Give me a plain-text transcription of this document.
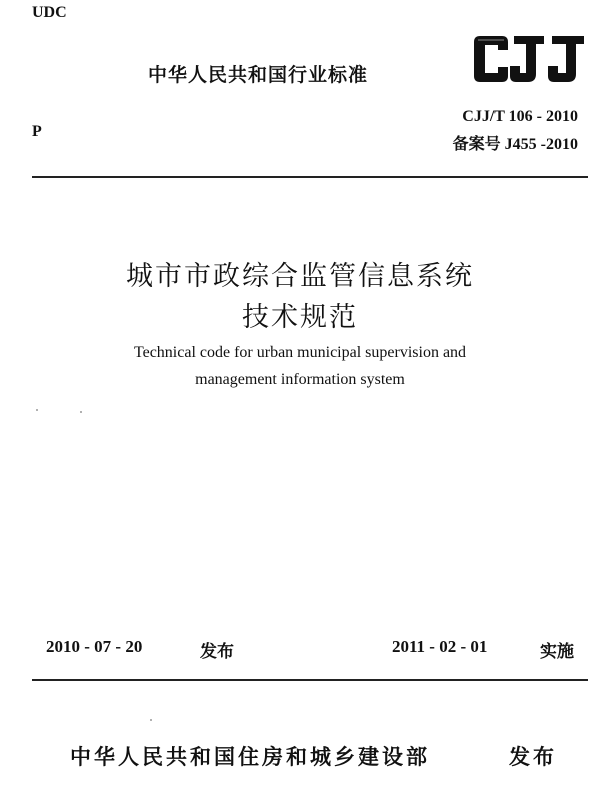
UDC
中华人民共和国行业标准
CJJ/T 106 - 2010
备案号 J455 -2010
P
城市市政综合监管信息系统
技术规范
Technical code for urban municipal supervision and
management information system
2010 - 07 - 20	发布	2011 - 02 - 01	实施
中华人民共和国住房和城乡建设部	发布
